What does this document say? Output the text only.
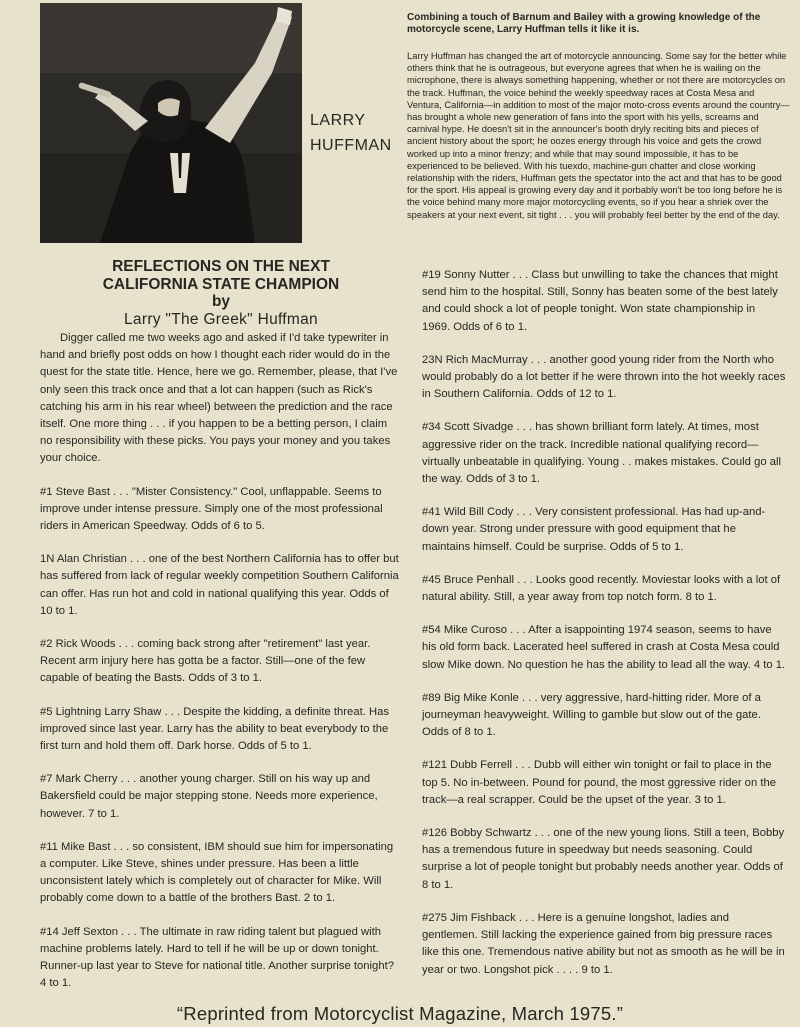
LARRY
HUFFMAN
Combining a touch of Barnum and Bailey with a growing knowledge of the motorcycle scene, Larry Huffman tells it like it is.
Larry Huffman has changed the art of motorcycle announcing. Some say for the better while others think that he is outrageous, but everyone agrees that when he is wailing on the microphone, there is always something happening, whether or not there are motorcycles on the track. Huffman, the voice behind the weekly speedway races at Costa Mesa and Ventura, California—in addition to most of the major moto-cross events around the country—has brought a whole new generation of fans into the sport with his yells, screams and carnival hype. He doesn't sit in the announcer's booth dryly reciting bits and pieces of ancient history about the sport; he oozes energy through his voice and gets the crowd worked up into a minor frenzy; and while that may sound impossible, it has to be experienced to be believed. With his tuexdo, machine-gun chatter and close working relationship with the riders, Huffman gets the spectator into the act and that has to be good for the sport. His appeal is growing every day and it porbably won't be too long before he is the voice behind many more major motorcycling events, so if you hear a shriek over the speakers at your next event, sit tight . . . you will probably feel better by the end of the day.
REFLECTIONS ON THE NEXT
CALIFORNIA STATE CHAMPION
by
Larry "The Greek" Huffman

Digger called me two weeks ago and asked if I'd take typewriter in hand and briefly post odds on how I thought each rider would do in the quest for the state title. Hence, here we go. Remember, please, that I've only seen this track once and that a lot can happen (such as Rick's catching his arm in his rear wheel) between the prediction and the race itself. One more thing . . . if you happen to be a betting person, I claim no responsibility with these picks. You pays your money and you takes your choice.

#1 Steve Bast . . . "Mister Consistency." Cool, unflappable. Seems to improve under intense pressure. Simply one of the most professional riders in American Speedway. Odds of 6 to 5.

1N Alan Christian . . . one of the best Northern California has to offer but has suffered from lack of regular weekly competition Southern California can offer. Has run hot and cold in national qualifying this year. Odds of 10 to 1.

#2 Rick Woods . . . coming back strong after "retirement" last year. Recent arm injury here has gotta be a factor. Still—one of the few capable of beating the Basts. Odds of 3 to 1.

#5 Lightning Larry Shaw . . . Despite the kidding, a definite threat. Has improved since last year. Larry has the ability to beat everybody to the first turn and hold them off. Dark horse. Odds of 5 to 1.

#7 Mark Cherry . . . another young charger. Still on his way up and Bakersfield could be major stepping stone. Needs more experience, however. 7 to 1.

#11 Mike Bast . . . so consistent, IBM should sue him for impersonating a computer. Like Steve, shines under pressure. Has been a little unconsistent lately which is completely out of character for Mike. Will probably come down to a battle of the brothers Bast. 2 to 1.

#14 Jeff Sexton . . . The ultimate in raw riding talent but plagued with machine problems lately. Hard to tell if he will be up or down tonight. Runner-up last year to Steve for national title. Another surprise tonight? 4 to 1.

#19 Sonny Nutter . . . Class but unwilling to take the chances that might send him to the hospital. Still, Sonny has beaten some of the best lately and could shock a lot of people tonight. Won state championship in 1969. Odds of 6 to 1.

23N Rich MacMurray . . . another good young rider from the North who would probably do a lot better if he were thrown into the hot weekly races in Southern California. Odds of 12 to 1.

#34 Scott Sivadge . . . has shown brilliant form lately. At times, most aggressive rider on the track. Incredible national qualifying record—virtually unbeatable in qualifying. Young . . makes mistakes. Could go all the way. Odds of 3 to 1.

#41 Wild Bill Cody . . . Very consistent professional. Has had up-and-down year. Strong under pressure with good equipment that he maintains himself. Could be surprise. Odds of 5 to 1.

#45 Bruce Penhall . . . Looks good recently. Moviestar looks with a lot of natural ability. Still, a year away from top notch form. 8 to 1.

#54 Mike Curoso . . . After a isappointing 1974 season, seems to have his old form back. Lacerated heel suffered in crash at Costa Mesa could slow Mike down. No question he has the ability to lead all the way. 4 to 1.

#89 Big Mike Konle . . . very aggressive, hard-hitting rider. More of a journeyman heavyweight. Willing to gamble but slow out of the gate. Odds of 8 to 1.

#121 Dubb Ferrell . . . Dubb will either win tonight or fail to place in the top 5. No in-between. Pound for pound, the most ggressive rider on the track—a real scrapper. Could be the upset of the year. 3 to 1.

#126 Bobby Schwartz . . . one of the new young lions. Still a teen, Bobby has a tremendous future in speedway but needs seasoning. Could surprise a lot of people tonight but probably needs another year. Odds of 8 to 1.

#275 Jim Fishback . . . Here is a genuine longshot, ladies and gentlemen. Still lacking the experience gained from big pressure races like this one. Tremendous native ability but not as smooth as he will be in year or two. Longshot pick . . . . 9 to 1.

“Reprinted from Motorcyclist Magazine, March 1975.”
